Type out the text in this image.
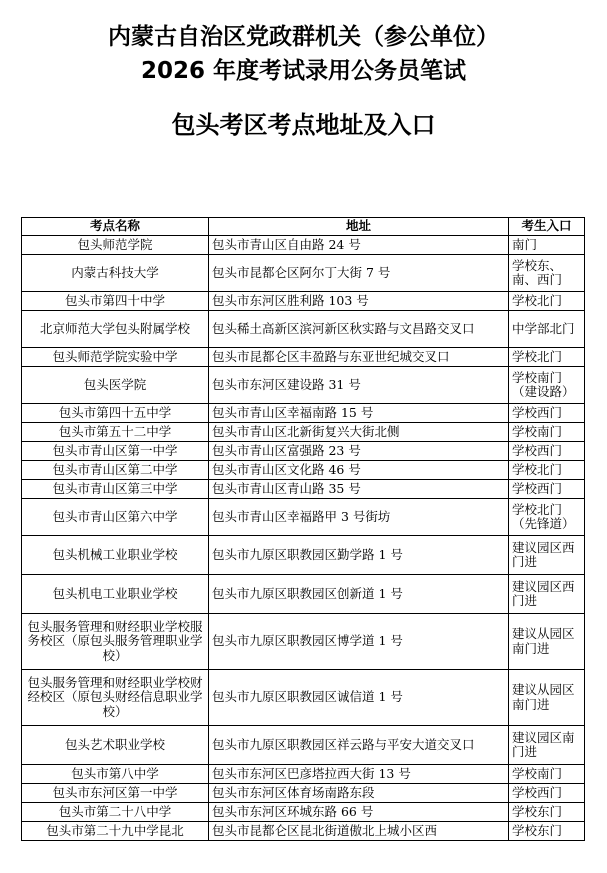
内蒙古自治区党政群机关（参公单位）
2026 年度考试录用公务员笔试
包头考区考点地址及入口
考点名称	地址	考生入口
包头师范学院	包头市青山区自由路 24 号	南门
内蒙古科技大学	包头市昆都仑区阿尔丁大街 7 号	学校东、南、西门
包头市第四十中学	包头市东河区胜利路 103 号	学校北门
北京师范大学包头附属学校	包头稀土高新区滨河新区秋实路与文昌路交叉口	中学部北门
包头师范学院实验中学	包头市昆都仑区丰盈路与东亚世纪城交叉口	学校北门
包头医学院	包头市东河区建设路 31 号	学校南门（建设路）
包头市第四十五中学	包头市青山区幸福南路 15 号	学校西门
包头市第五十二中学	包头市青山区北新街复兴大街北侧	学校南门
包头市青山区第一中学	包头市青山区富强路 23 号	学校西门
包头市青山区第二中学	包头市青山区文化路 46 号	学校北门
包头市青山区第三中学	包头市青山区青山路 35 号	学校西门
包头市青山区第六中学	包头市青山区幸福路甲 3 号街坊	学校北门（先锋道）
包头机械工业职业学校	包头市九原区职教园区勤学路 1 号	建议园区西门进
包头机电工业职业学校	包头市九原区职教园区创新道 1 号	建议园区西门进
包头服务管理和财经职业学校服务校区（原包头服务管理职业学校）	包头市九原区职教园区博学道 1 号	建议从园区南门进
包头服务管理和财经职业学校财经校区（原包头财经信息职业学校）	包头市九原区职教园区诚信道 1 号	建议从园区南门进
包头艺术职业学校	包头市九原区职教园区祥云路与平安大道交叉口	建议园区南门进
包头市第八中学	包头市东河区巴彦塔拉西大街 13 号	学校南门
包头市东河区第一中学	包头市东河区体育场南路东段	学校西门
包头市第二十八中学	包头市东河区环城东路 66 号	学校东门
包头市第二十九中学昆北	包头市昆都仑区昆北街道傲北上城小区西	学校东门
